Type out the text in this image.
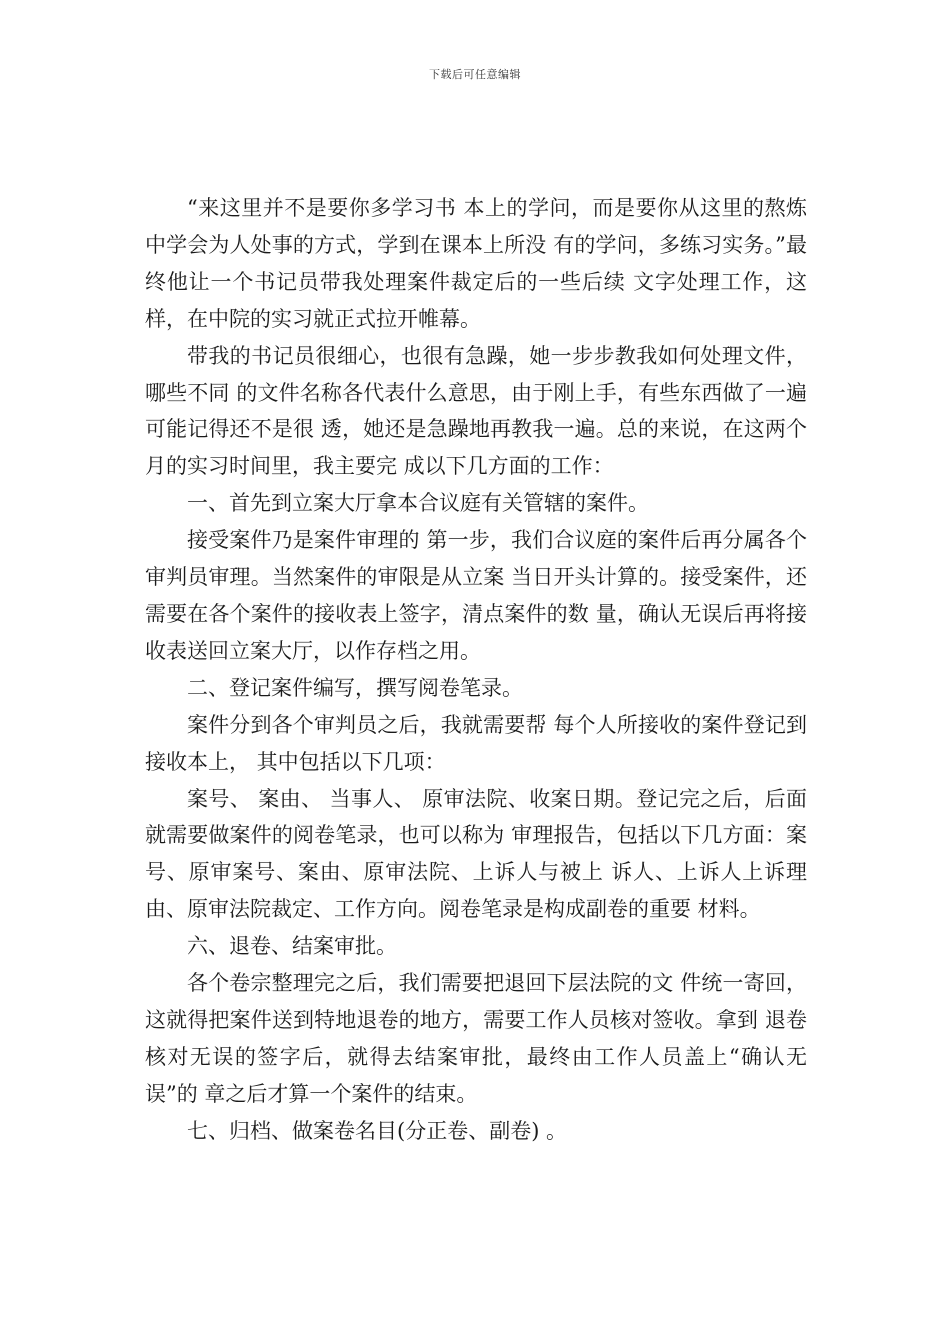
下载后可任意编辑

“来这里并不是要你多学习书 本上的学问，而是要你从这里的熬炼中学会为人处事的方式，学到在课本上所没 有的学问，多练习实务。”最终他让一个书记员带我处理案件裁定后的一些后续 文字处理工作，这样，在中院的实习就正式拉开帷幕。

带我的书记员很细心，也很有急躁，她一步步教我如何处理文件，哪些不同 的文件名称各代表什么意思，由于刚上手，有些东西做了一遍可能记得还不是很 透，她还是急躁地再教我一遍。总的来说，在这两个月的实习时间里，我主要完 成以下几方面的工作：

一、首先到立案大厅拿本合议庭有关管辖的案件。

接受案件乃是案件审理的 第一步，我们合议庭的案件后再分属各个审判员审理。当然案件的审限是从立案 当日开头计算的。接受案件，还需要在各个案件的接收表上签字，清点案件的数 量，确认无误后再将接收表送回立案大厅，以作存档之用。

二、登记案件编写，撰写阅卷笔录。

案件分到各个审判员之后，我就需要帮 每个人所接收的案件登记到接收本上， 其中包括以下几项：

案号、 案由、 当事人、 原审法院、收案日期。登记完之后，后面就需要做案件的阅卷笔录，也可以称为 审理报告，包括以下几方面：案号、原审案号、案由、原审法院、上诉人与被上 诉人、上诉人上诉理由、原审法院裁定、工作方向。阅卷笔录是构成副卷的重要 材料。

六、退卷、结案审批。

各个卷宗整理完之后，我们需要把退回下层法院的文 件统一寄回，这就得把案件送到特地退卷的地方，需要工作人员核对签收。拿到 退卷核对无误的签字后，就得去结案审批，最终由工作人员盖上“确认无误”的 章之后才算一个案件的结束。

七、归档、做案卷名目(分正卷、副卷) 。
